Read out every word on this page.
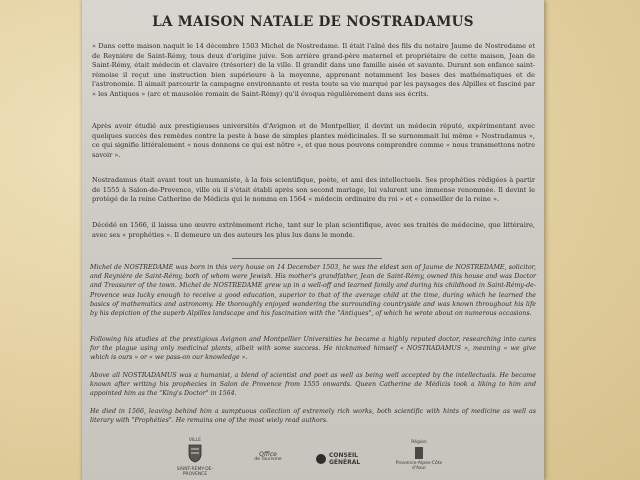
LA MAISON NATALE DE NOSTRADAMUS

« Dans cette maison naquit le 14 décembre 1503 Michel de Nostredame. Il était l'aîné des fils du notaire Jaume de Nostredame et de Reynière de Saint-Rémy, tous deux d'origine juive. Son arrière grand-père maternel et propriétaire de cette maison, Jean de Saint-Rémy, était médecin et clavaire (trésorier) de la ville. Il grandit dans une famille aisée et savante. Durant son enfance saint-rémoise il reçut une instruction bien supérieure à la moyenne, apprenant notamment les bases des mathématiques et de l'astronomie. Il aimait parcourir la campagne environnante et resta toute sa vie marqué par les paysages des Alpilles et fasciné par « les Antiques » (arc et mausolée romain de Saint-Rémy) qu'il évoqua régulièrement dans ses écrits.

Après avoir étudié aux prestigieuses universités d'Avignon et de Montpellier, il devint un médecin réputé, expérimentant avec quelques succès des remèdes contre la peste à base de simples plantes médicinales. Il se surnommait lui même « Nostradamus », ce qui signifie littéralement « nous donnons ce qui est nôtre », et que nous pouvons comprendre comme « nous transmettons notre savoir ».

Nostradamus était avant tout un humaniste, à la fois scientifique, poète, et ami des intellectuels. Ses prophéties rédigées à partir de 1555 à Salon-de-Provence, ville où il s'était établi après son second mariage, lui valurent une immense renommée. Il devint le protégé de la reine Catherine de Médicis qui le nomma en 1564 « médecin ordinaire du roi » et « conseiller de la reine ».

Décédé en 1566, il laissa une œuvre extrêmement riche, tant sur le plan scientifique, avec ses traités de médecine, que littéraire, avec ses « prophéties ». Il demeure un des auteurs les plus lus dans le monde.

Michel de NOSTREDAME was born in this very house on 14 December 1503, he was the eldest son of Jaume de NOSTREDAME, solicitor, and Reynière de Saint-Rémy, both of whom were Jewish. His mother's grandfather, Jean de Saint-Rémy, owned this house and was Doctor and Treasurer of the town. Michel de NOSTREDAME grew up in a well-off and learned family and during his childhood in Saint-Rémy-de-Provence was lucky enough to receive a good education, superior to that of the average child at the time, during which he learned the basics of mathematics and astronomy. He thoroughly enjoyed wandering the surrounding countryside and was known throughout his life by his depiction of the superb Alpilles landscape and his fascination with the "Antiques", of which he wrote about on numerous occasions.

Following his studies at the prestigious Avignon and Montpellier Universities he became a highly reputed doctor, researching into cures for the plague using only medicinal plants, albeit with some success. He nicknamed himself « NOSTRADAMUS », meaning « we give which is ours » or « we pass-on our knowledge ».

Above all NOSTRADAMUS was a humanist, a blend of scientist and poet as well as being well accepted by the intellectuals. He became known after writing his prophecies in Salon de Provence from 1555 onwards. Queen Catherine de Médicis took a liking to him and appointed him as the "King's Doctor" in 1564.

He died in 1566, leaving behind him a sumptuous collection of extremely rich works, both scientific with hints of medicine as well as literary with "Prophéties". He remains one of the most wiely read authors.

VILLE
SAINT-RÉMY-DE-PROVENCE
Office
de Tourisme
CONSEIL
GÉNÉRAL
Région
Provence-Alpes-Côte d'Azur
